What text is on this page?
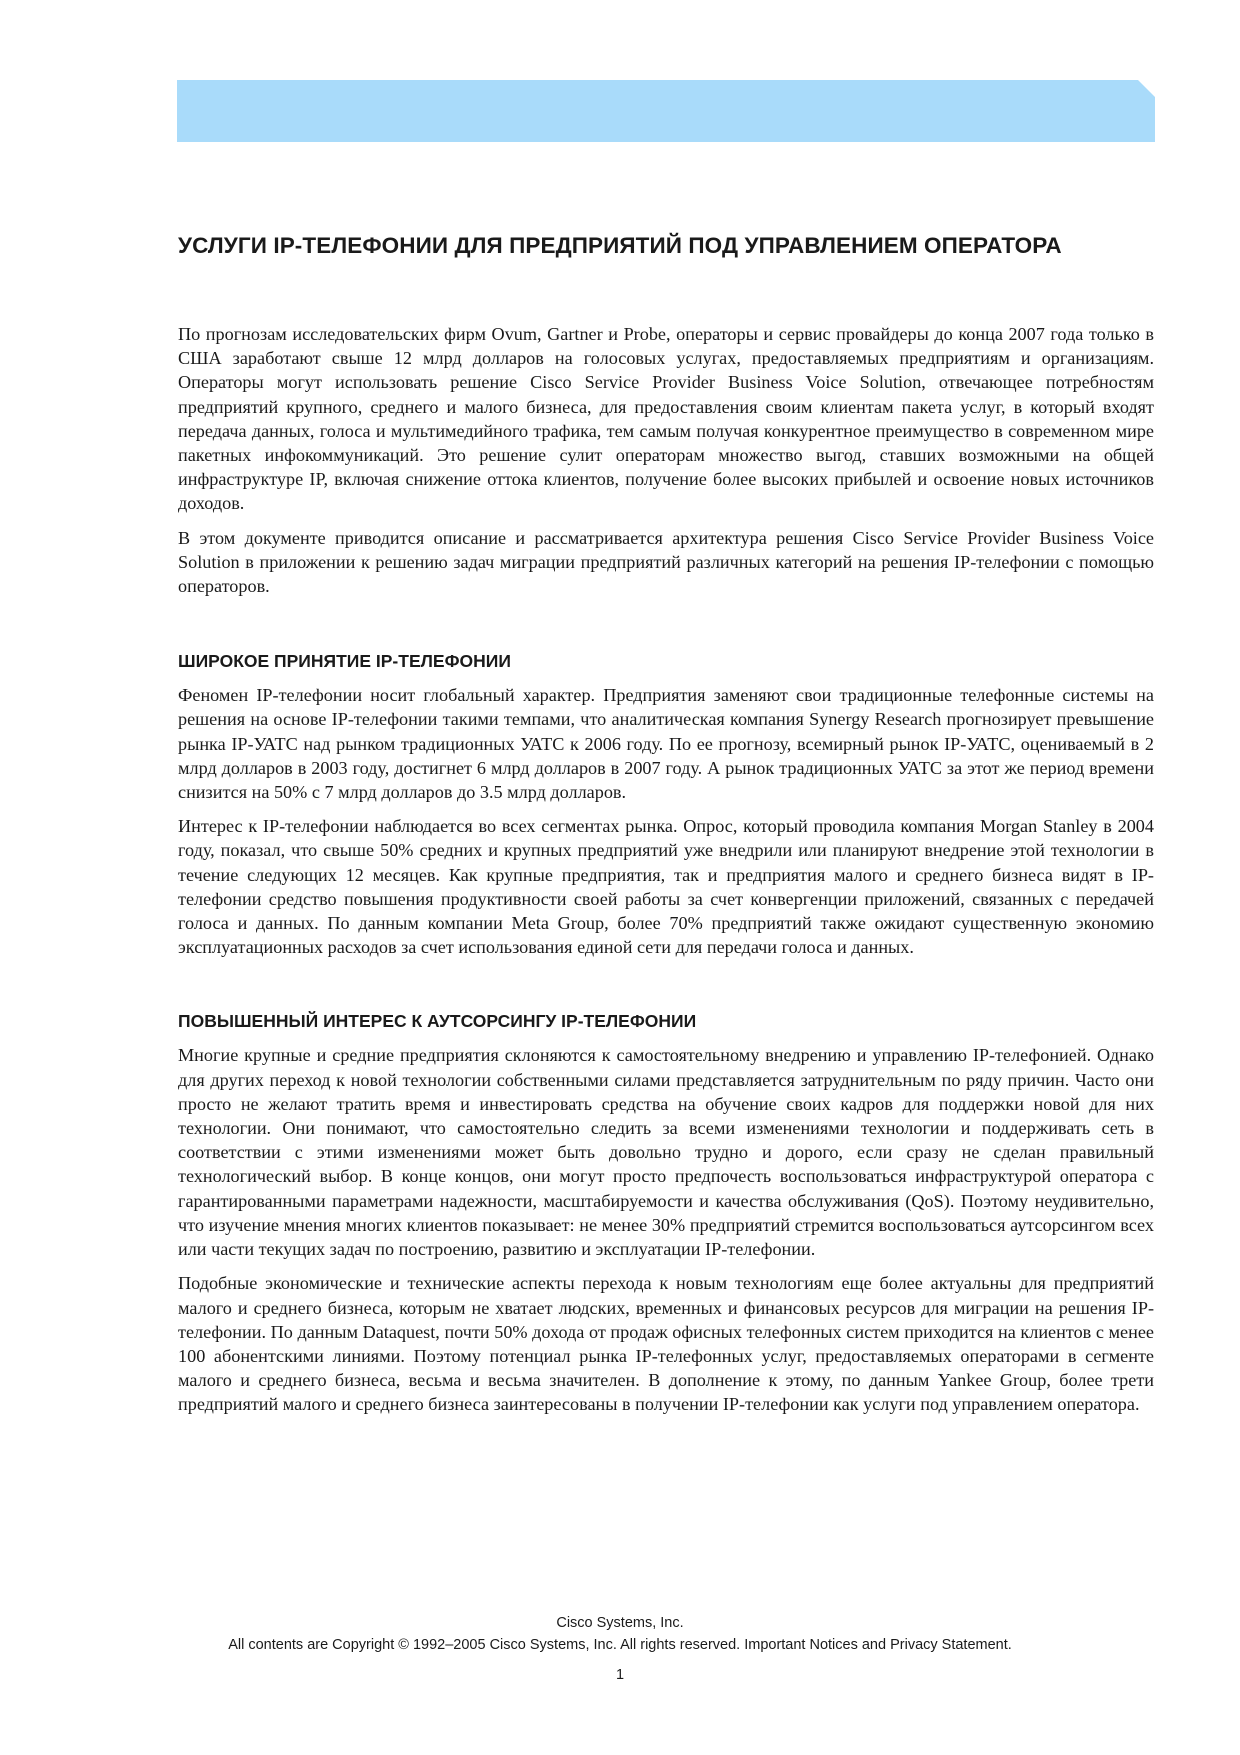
УСЛУГИ IP-ТЕЛЕФОНИИ ДЛЯ ПРЕДПРИЯТИЙ ПОД УПРАВЛЕНИЕМ ОПЕРАТОРА

По прогнозам исследовательских фирм Ovum, Gartner и Probe, операторы и сервис провайдеры до конца 2007 года только в США заработают свыше 12 млрд долларов на голосовых услугах, предоставляемых предприятиям и организациям. Операторы могут использовать решение Cisco Service Provider Business Voice Solution, отвечающее потребностям предприятий крупного, среднего и малого бизнеса, для предоставления своим клиентам пакета услуг, в который входят передача данных, голоса и мультимедийного трафика, тем самым получая конкурентное преимущество в современном мире пакетных инфокоммуникаций. Это решение сулит операторам множество выгод, ставших возможными на общей инфраструктуре IP, включая снижение оттока клиентов, получение более высоких прибылей и освоение новых источников доходов.

В этом документе приводится описание и рассматривается архитектура решения Cisco Service Provider Business Voice Solution в приложении к решению задач миграции предприятий различных категорий на решения IP-телефонии с помощью операторов.

ШИРОКОЕ ПРИНЯТИЕ IP-ТЕЛЕФОНИИ

Феномен IP-телефонии носит глобальный характер. Предприятия заменяют свои традиционные телефонные системы на решения на основе IP-телефонии такими темпами, что аналитическая компания Synergy Research прогнозирует превышение рынка IP-УАТС над рынком традиционных УАТС к 2006 году. По ее прогнозу, всемирный рынок IP-УАТС, оцениваемый в 2 млрд долларов в 2003 году, достигнет 6 млрд долларов в 2007 году. А рынок традиционных УАТС за этот же период времени снизится на 50% с 7 млрд долларов до 3.5 млрд долларов.

Интерес к IP-телефонии наблюдается во всех сегментах рынка. Опрос, который проводила компания Morgan Stanley в 2004 году, показал, что свыше 50% средних и крупных предприятий уже внедрили или планируют внедрение этой технологии в течение следующих 12 месяцев. Как крупные предприятия, так и предприятия малого и среднего бизнеса видят в IP-телефонии средство повышения продуктивности своей работы за счет конвергенции приложений, связанных с передачей голоса и данных. По данным компании Meta Group, более 70% предприятий также ожидают существенную экономию эксплуатационных расходов за счет использования единой сети для передачи голоса и данных.

ПОВЫШЕННЫЙ ИНТЕРЕС К АУТСОРСИНГУ IP-ТЕЛЕФОНИИ

Многие крупные и средние предприятия склоняются к самостоятельному внедрению и управлению IP-телефонией. Однако для других переход к новой технологии собственными силами представляется затруднительным по ряду причин. Часто они просто не желают тратить время и инвестировать средства на обучение своих кадров для поддержки новой для них технологии. Они понимают, что самостоятельно следить за всеми изменениями технологии и поддерживать сеть в соответствии с этими изменениями может быть довольно трудно и дорого, если сразу не сделан правильный технологический выбор. В конце концов, они могут просто предпочесть воспользоваться инфраструктурой оператора с гарантированными параметрами надежности, масштабируемости и качества обслуживания (QoS). Поэтому неудивительно, что изучение мнения многих клиентов показывает: не менее 30% предприятий стремится воспользоваться аутсорсингом всех или части текущих задач по построению, развитию и эксплуатации IP-телефонии.

Подобные экономические и технические аспекты перехода к новым технологиям еще более актуальны для предприятий малого и среднего бизнеса, которым не хватает людских, временных и финансовых ресурсов для миграции на решения IP-телефонии. По данным Dataquest, почти 50% дохода от продаж офисных телефонных систем приходится на клиентов с менее 100 абонентскими линиями. Поэтому потенциал рынка IP-телефонных услуг, предоставляемых операторами в сегменте малого и среднего бизнеса, весьма и весьма значителен. В дополнение к этому, по данным Yankee Group, более трети предприятий малого и среднего бизнеса заинтересованы в получении IP-телефонии как услуги под управлением оператора.

Cisco Systems, Inc.
All contents are Copyright © 1992–2005 Cisco Systems, Inc. All rights reserved. Important Notices and Privacy Statement.
1
